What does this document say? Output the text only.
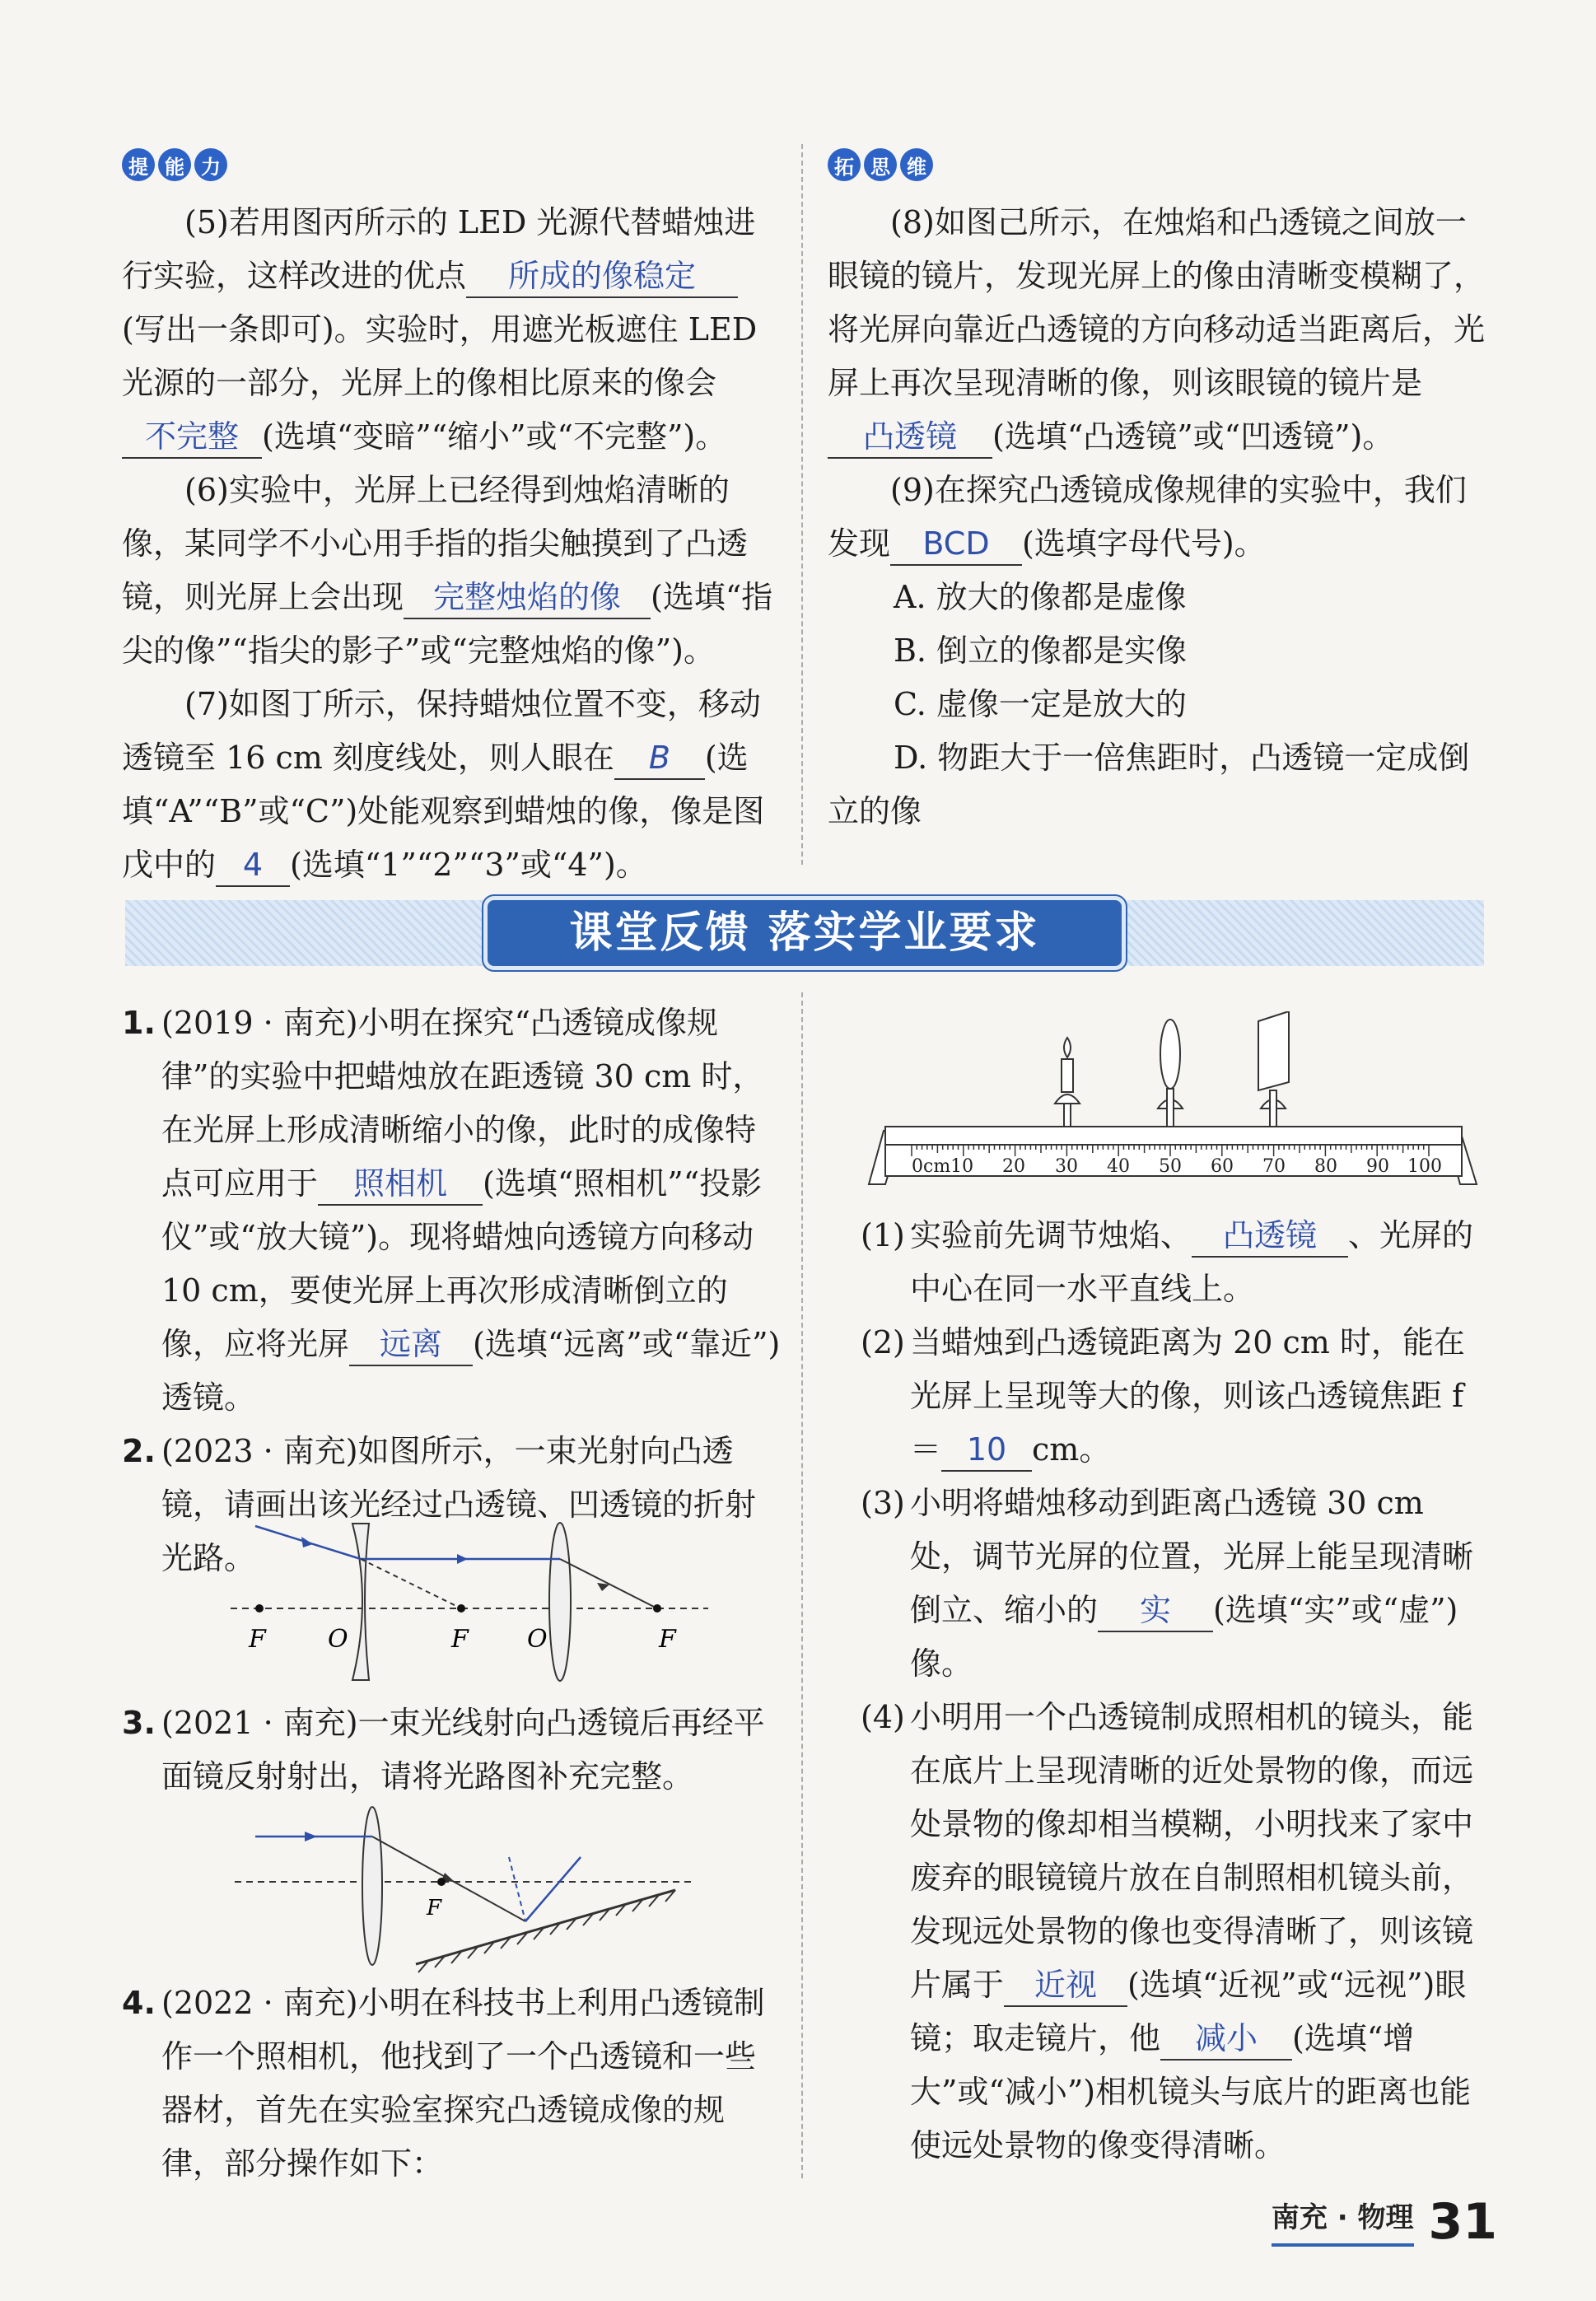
提 能 力	拓 思 维

(5)若用图丙所示的 LED 光源代替蜡烛进行实验，这样改进的优点 所成的像稳定(写出一条即可)。实验时，用遮光板遮住 LED 光源的一部分，光屏上的像相比原来的像会不完整 (选填“变暗”“缩小”或“不完整”)。

(6)实验中，光屏上已经得到烛焰清晰的像，某同学不小心用手指的指尖触摸到了凸透镜，则光屏上会出现 完整烛焰的像 (选填“指尖的像”“指尖的影子”或“完整烛焰的像”)。

(7)如图丁所示，保持蜡烛位置不变，移动透镜至 16 cm 刻度线处，则人眼在 B (选填“A”“B”或“C”)处能观察到蜡烛的像，像是图戊中的 4 (选填“1”“2”“3”或“4”)。

(8)如图己所示，在烛焰和凸透镜之间放一眼镜的镜片，发现光屏上的像由清晰变模糊了，将光屏向靠近凸透镜的方向移动适当距离后，光屏上再次呈现清晰的像，则该眼镜的镜片是凸透镜 (选填“凸透镜”或“凹透镜”)。

(9)在探究凸透镜成像规律的实验中，我们发现 BCD (选填字母代号)。

A. 放大的像都是虚像

B. 倒立的像都是实像

C. 虚像一定是放大的

D. 物距大于一倍焦距时，凸透镜一定成倒立的像

课堂反馈 落实学业要求
1. (2019 · 南充)小明在探究“凸透镜成像规律”的实验中把蜡烛放在距透镜 30 cm 时，在光屏上形成清晰缩小的像，此时的成像特点可应用于 照相机 (选填“照相机”“投影仪”或“放大镜”)。现将蜡烛向透镜方向移动 10 cm，要使光屏上再次形成清晰倒立的像，应将光屏 远离 (选填“远离”或“靠近”)透镜。
2. (2023 · 南充)如图所示，一束光射向凸透镜，请画出该光经过凸透镜、凹透镜的折射光路。
F	O	F O	F
3. (2021 · 南充)一束光线射向凸透镜后再经平面镜反射射出，请将光路图补充完整。
F
4. (2022 · 南充)小明在科技书上利用凸透镜制作一个照相机，他找到了一个凸透镜和一些器材，首先在实验室探究凸透镜成像的规律，部分操作如下：
0cm10 20 30 40 50 60 70 80 90 100
(1) 实验前先调节烛焰、 凸透镜 、光屏的中心在同一水平直线上。
(2) 当蜡烛到凸透镜距离为 20 cm 时，能在光屏上呈现等大的像，则该凸透镜焦距 f＝ 10 cm。
(3) 小明将蜡烛移动到距离凸透镜 30 cm 处，调节光屏的位置，光屏上能呈现清晰倒立、缩小的 实 (选填“实”或“虚”)像。
(4) 小明用一个凸透镜制成照相机的镜头，能在底片上呈现清晰的近处景物的像，而远处景物的像却相当模糊，小明找来了家中废弃的眼镜镜片放在自制照相机镜头前，发现远处景物的像也变得清晰了，则该镜片属于 近视 (选填“近视”或“远视”)眼镜；取走镜片，他 减小 (选填“增大”或“减小”)相机镜头与底片的距离也能使远处景物的像变得清晰。
南充 · 物理 31
